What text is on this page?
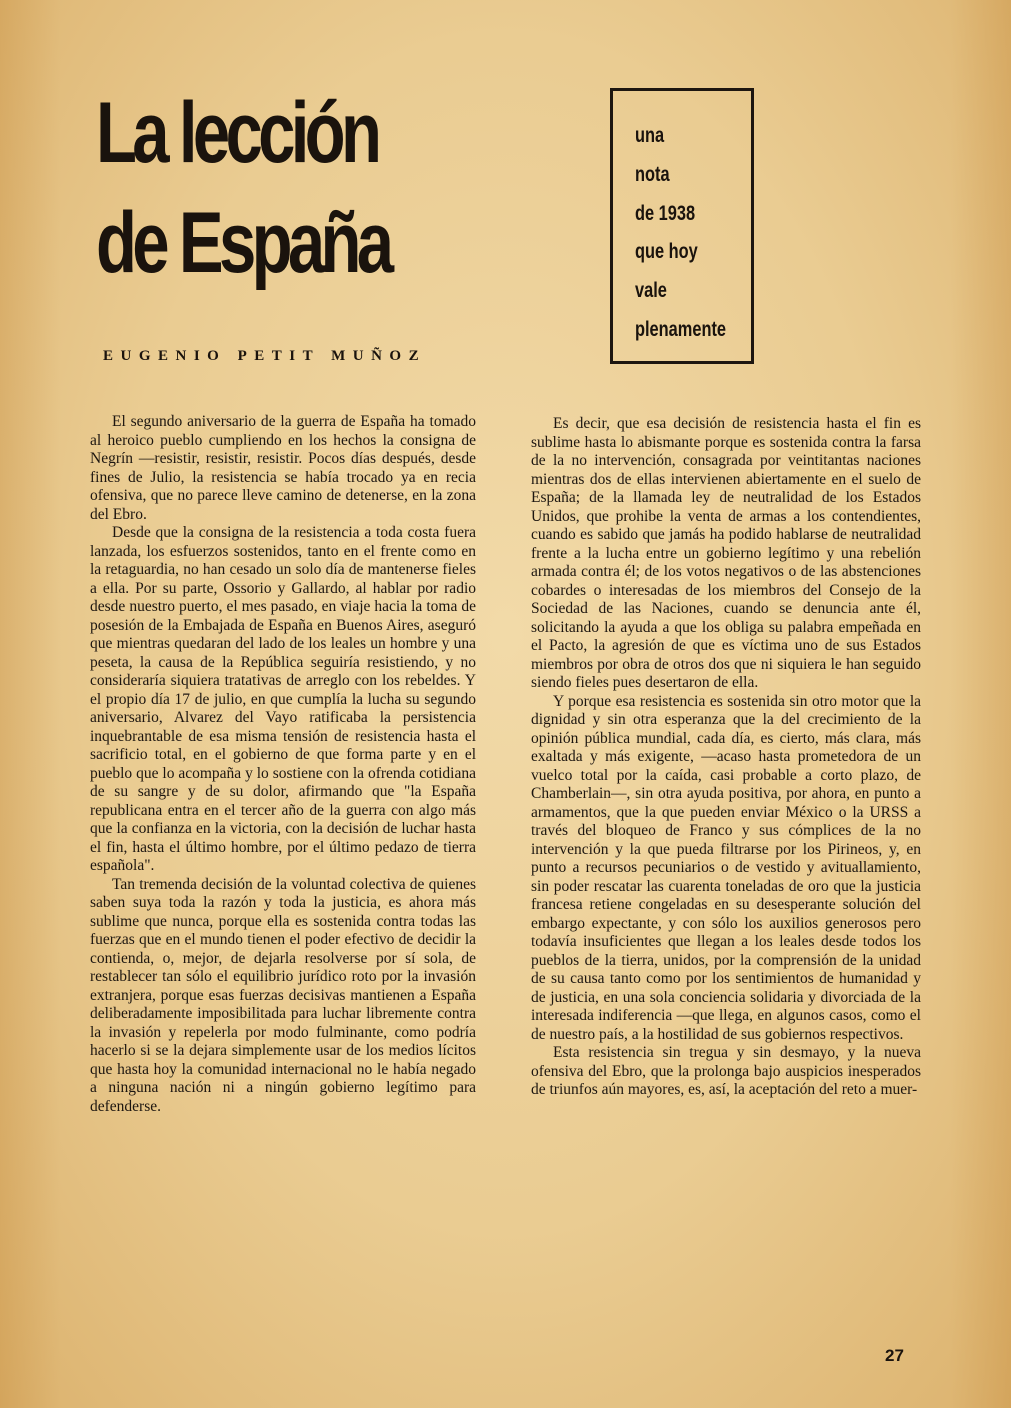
La lección
de España
EUGENIO PETIT MUÑOZ
una
nota
de 1938
que hoy
vale
plenamente

El segundo aniversario de la guerra de España ha tomado al heroico pueblo cumpliendo en los hechos la consigna de Negrín —resistir, resistir, resistir. Pocos días después, desde fines de Julio, la resistencia se había trocado ya en recia ofensiva, que no parece lleve camino de detenerse, en la zona del Ebro.

Desde que la consigna de la resistencia a toda costa fuera lanzada, los esfuerzos sostenidos, tanto en el frente como en la retaguardia, no han cesado un solo día de mantenerse fieles a ella. Por su parte, Ossorio y Gallardo, al hablar por radio desde nuestro puerto, el mes pasado, en viaje hacia la toma de posesión de la Embajada de España en Buenos Aires, aseguró que mientras quedaran del lado de los leales un hombre y una peseta, la causa de la República seguiría resistiendo, y no consideraría siquiera tratativas de arreglo con los rebeldes. Y el propio día 17 de julio, en que cumplía la lucha su segundo aniversario, Alvarez del Vayo ratificaba la persistencia inquebrantable de esa misma tensión de resistencia hasta el sacrificio total, en el gobierno de que forma parte y en el pueblo que lo acompaña y lo sostiene con la ofrenda cotidiana de su sangre y de su dolor, afirmando que "la España republicana entra en el tercer año de la guerra con algo más que la confianza en la victoria, con la decisión de luchar hasta el fin, hasta el último hombre, por el último pedazo de tierra española".

Tan tremenda decisión de la voluntad colectiva de quienes saben suya toda la razón y toda la justicia, es ahora más sublime que nunca, porque ella es sostenida contra todas las fuerzas que en el mundo tienen el poder efectivo de decidir la contienda, o, mejor, de dejarla resolverse por sí sola, de restablecer tan sólo el equilibrio jurídico roto por la invasión extranjera, porque esas fuerzas decisivas mantienen a España deliberadamente imposibilitada para luchar libremente contra la invasión y repelerla por modo fulminante, como podría hacerlo si se la dejara simplemente usar de los medios lícitos que hasta hoy la comunidad internacional no le había negado a ninguna nación ni a ningún gobierno legítimo para defenderse.

Es decir, que esa decisión de resistencia hasta el fin es sublime hasta lo abismante porque es sostenida contra la farsa de la no intervención, consagrada por veintitantas naciones mientras dos de ellas intervienen abiertamente en el suelo de España; de la llamada ley de neutralidad de los Estados Unidos, que prohibe la venta de armas a los contendientes, cuando es sabido que jamás ha podido hablarse de neutralidad frente a la lucha entre un gobierno legítimo y una rebelión armada contra él; de los votos negativos o de las abstenciones cobardes o interesadas de los miembros del Consejo de la Sociedad de las Naciones, cuando se denuncia ante él, solicitando la ayuda a que los obliga su palabra empeñada en el Pacto, la agresión de que es víctima uno de sus Estados miembros por obra de otros dos que ni siquiera le han seguido siendo fieles pues desertaron de ella.

Y porque esa resistencia es sostenida sin otro motor que la dignidad y sin otra esperanza que la del crecimiento de la opinión pública mundial, cada día, es cierto, más clara, más exaltada y más exigente, —acaso hasta prometedora de un vuelco total por la caída, casi probable a corto plazo, de Chamberlain—, sin otra ayuda positiva, por ahora, en punto a armamentos, que la que pueden enviar México o la URSS a través del bloqueo de Franco y sus cómplices de la no intervención y la que pueda filtrarse por los Pirineos, y, en punto a recursos pecuniarios o de vestido y avituallamiento, sin poder rescatar las cuarenta toneladas de oro que la justicia francesa retiene congeladas en su desesperante solución del embargo expectante, y con sólo los auxilios generosos pero todavía insuficientes que llegan a los leales desde todos los pueblos de la tierra, unidos, por la comprensión de la unidad de su causa tanto como por los sentimientos de humanidad y de justicia, en una sola conciencia solidaria y divorciada de la interesada indiferencia —que llega, en algunos casos, como el de nuestro país, a la hostilidad de sus gobiernos respectivos.

Esta resistencia sin tregua y sin desmayo, y la nueva ofensiva del Ebro, que la prolonga bajo auspicios inesperados de triunfos aún mayores, es, así, la aceptación del reto a muer-

27
